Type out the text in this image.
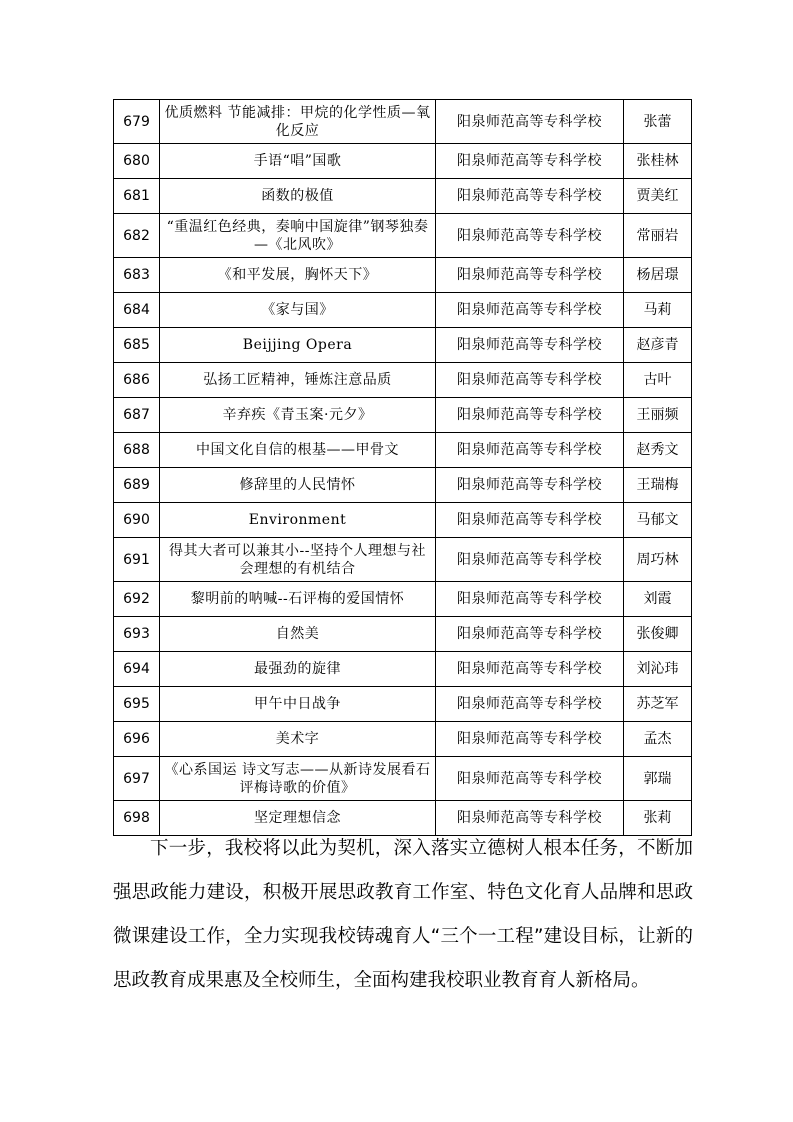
679	优质燃料 节能减排：甲烷的化学性质—氧化反应	阳泉师范高等专科学校	张蕾
680	手语“唱”国歌	阳泉师范高等专科学校	张桂林
681	函数的极值	阳泉师范高等专科学校	贾美红
682	“重温红色经典，奏响中国旋律”钢琴独奏—《北风吹》	阳泉师范高等专科学校	常丽岩
683	《和平发展，胸怀天下》	阳泉师范高等专科学校	杨居璟
684	《家与国》	阳泉师范高等专科学校	马莉
685	Beijjing Opera	阳泉师范高等专科学校	赵彦青
686	弘扬工匠精神，锤炼注意品质	阳泉师范高等专科学校	古叶
687	辛弃疾《青玉案·元夕》	阳泉师范高等专科学校	王丽频
688	中国文化自信的根基——甲骨文	阳泉师范高等专科学校	赵秀文
689	修辞里的人民情怀	阳泉师范高等专科学校	王瑞梅
690	Environment	阳泉师范高等专科学校	马郁文
691	得其大者可以兼其小--坚持个人理想与社会理想的有机结合	阳泉师范高等专科学校	周巧林
692	黎明前的呐喊--石评梅的爱国情怀	阳泉师范高等专科学校	刘霞
693	自然美	阳泉师范高等专科学校	张俊卿
694	最强劲的旋律	阳泉师范高等专科学校	刘沁玮
695	甲午中日战争	阳泉师范高等专科学校	苏芝军
696	美术字	阳泉师范高等专科学校	孟杰
697	《心系国运 诗文写志——从新诗发展看石评梅诗歌的价值》	阳泉师范高等专科学校	郭瑞
698	坚定理想信念	阳泉师范高等专科学校	张莉

下一步，我校将以此为契机，深入落实立德树人根本任务，不断加强思政能力建设，积极开展思政教育工作室、特色文化育人品牌和思政微课建设工作，全力实现我校铸魂育人“三个一工程”建设目标，让新的思政教育成果惠及全校师生，全面构建我校职业教育育人新格局。
